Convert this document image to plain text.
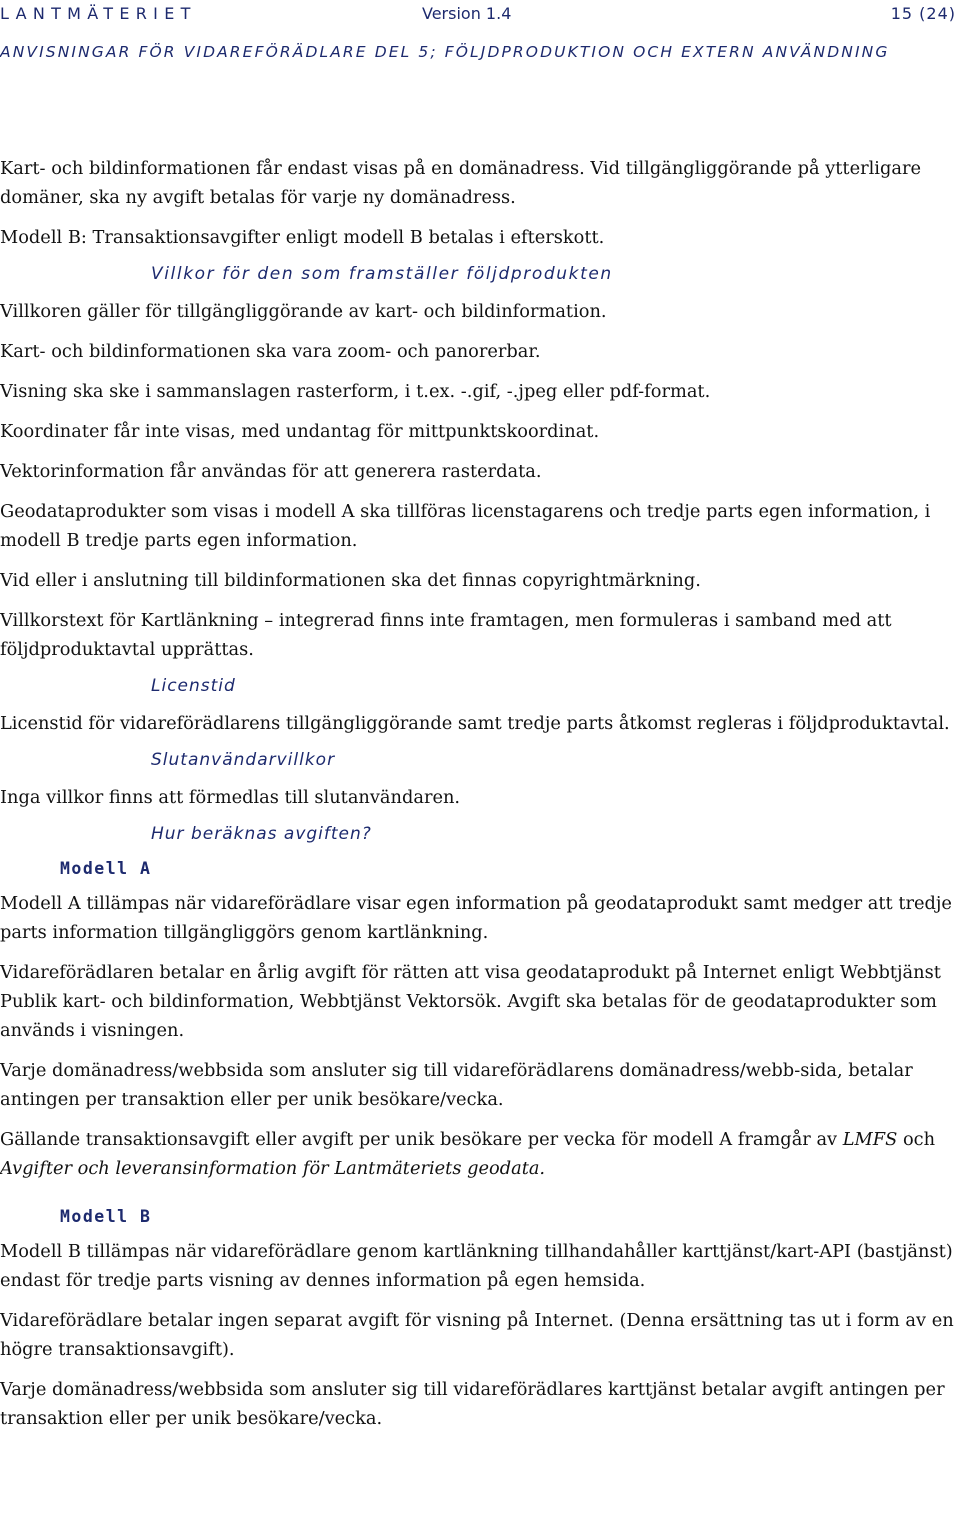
LANTMÄTERIET	Version 1.4	15 (24)
ANVISNINGAR FÖR VIDAREFÖRÄDLARE DEL 5; FÖLJDPRODUKTION OCH EXTERN ANVÄNDNING

Kart- och bildinformationen får endast visas på en domänadress. Vid tillgängliggörande på ytterligare domäner, ska ny avgift betalas för varje ny domänadress.

Modell B: Transaktionsavgifter enligt modell B betalas i efterskott.

Villkor för den som framställer följdprodukten

Villkoren gäller för tillgängliggörande av kart- och bildinformation.

Kart- och bildinformationen ska vara zoom- och panorerbar.

Visning ska ske i sammanslagen rasterform, i t.ex. -.gif, -.jpeg eller pdf-format.

Koordinater får inte visas, med undantag för mittpunktskoordinat.

Vektorinformation får användas för att generera rasterdata.

Geodataprodukter som visas i modell A ska tillföras licenstagarens och tredje parts egen information, i modell B tredje parts egen information.

Vid eller i anslutning till bildinformationen ska det finnas copyrightmärkning.

Villkorstext för Kartlänkning – integrerad finns inte framtagen, men formuleras i samband med att följdproduktavtal upprättas.

Licenstid

Licenstid för vidareförädlarens tillgängliggörande samt tredje parts åtkomst regleras i följdproduktavtal.

Slutanvändarvillkor

Inga villkor finns att förmedlas till slutanvändaren.

Hur beräknas avgiften?
Modell A

Modell A tillämpas när vidareförädlare visar egen information på geodataprodukt samt medger att tredje parts information tillgängliggörs genom kartlänkning.

Vidareförädlaren betalar en årlig avgift för rätten att visa geodataprodukt på Internet enligt Webbtjänst Publik kart- och bildinformation, Webbtjänst Vektorsök. Avgift ska betalas för de geodataprodukter som används i visningen.

Varje domänadress/webbsida som ansluter sig till vidareförädlarens domänadress/webb-sida, betalar antingen per transaktion eller per unik besökare/vecka.

Gällande transaktionsavgift eller avgift per unik besökare per vecka för modell A framgår av LMFS och Avgifter och leveransinformation för Lantmäteriets geodata.

Modell B

Modell B tillämpas när vidareförädlare genom kartlänkning tillhandahåller karttjänst/kart-API (bastjänst) endast för tredje parts visning av dennes information på egen hemsida.

Vidareförädlare betalar ingen separat avgift för visning på Internet. (Denna ersättning tas ut i form av en högre transaktionsavgift).

Varje domänadress/webbsida som ansluter sig till vidareförädlares karttjänst betalar avgift antingen per transaktion eller per unik besökare/vecka.
